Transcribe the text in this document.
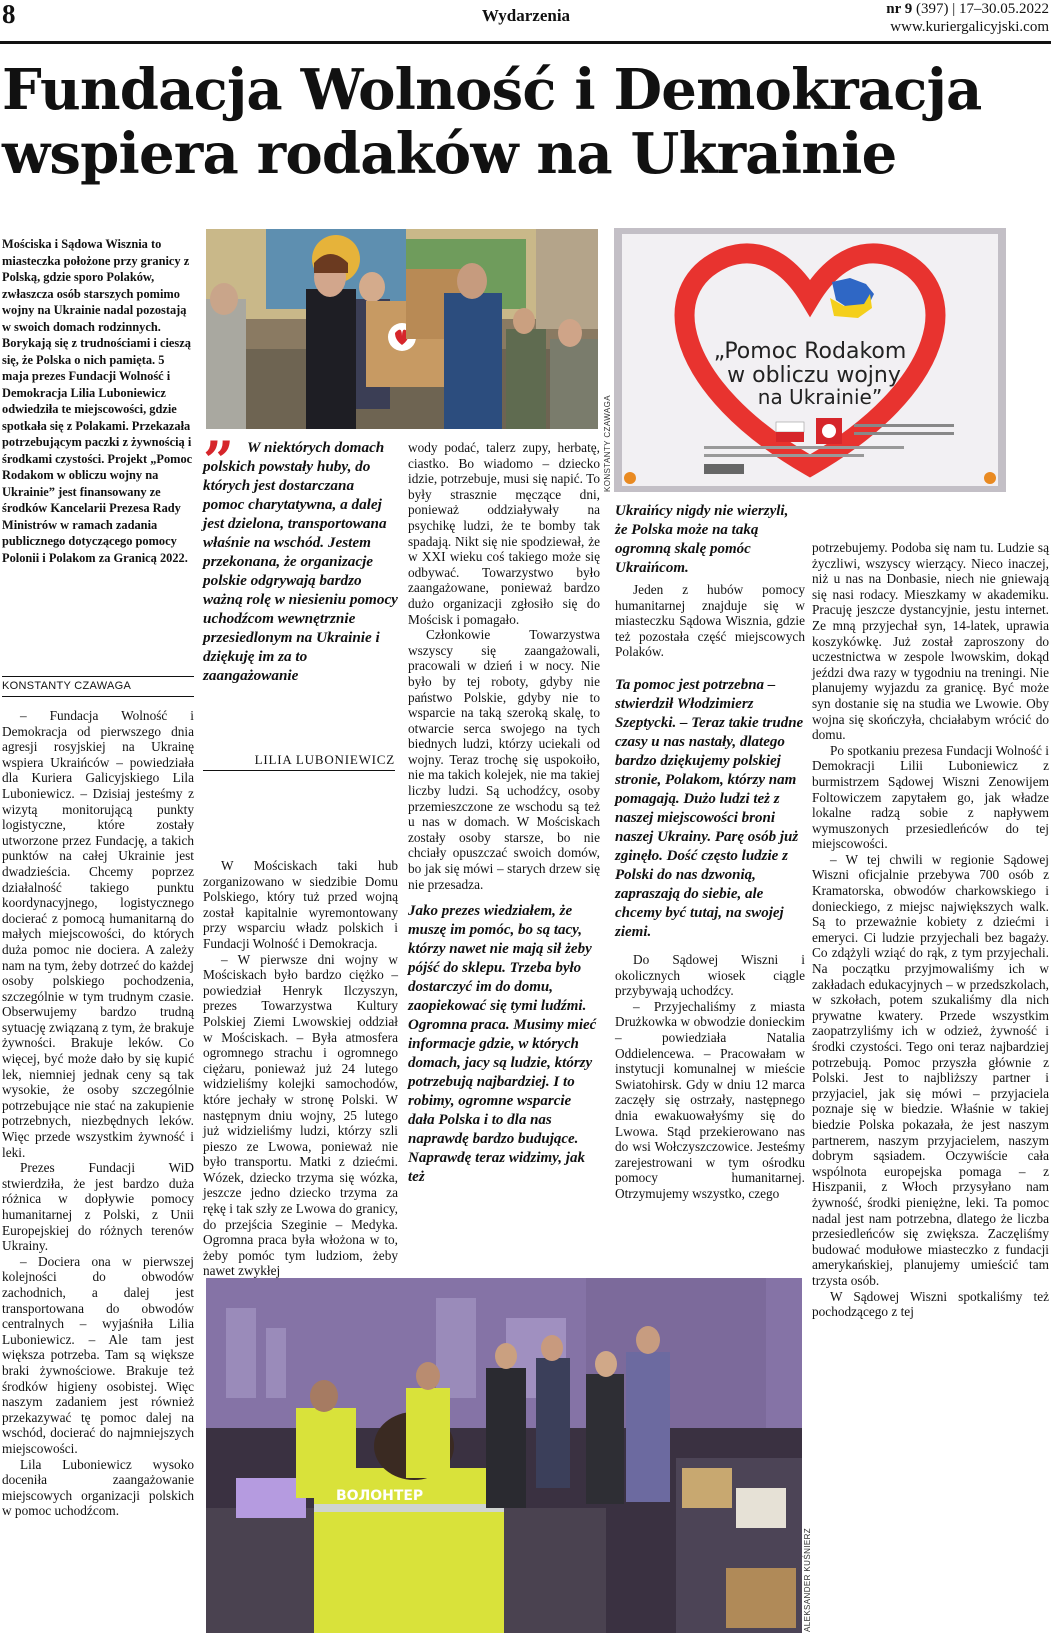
8	Wydarzenia	nr 9 (397) | 17–30.05.2022
www.kuriergalicyjski.com
Fundacja Wolność i Demokracja
wspiera rodaków na Ukrainie
Mościska i Sądowa Wisznia to miasteczka położone przy granicy z Polską, gdzie sporo Polaków, zwłaszcza osób starszych pomimo wojny na Ukrainie nadal pozostają w swoich domach rodzinnych. Borykają się z trudnościami i cieszą się, że Polska o nich pamięta. 5 maja prezes Fundacji Wolność i Demokracja Lilia Luboniewicz odwiedziła te miejscowości, gdzie spotkała się z Polakami. Przekazała potrzebującym paczki z żywnością i środkami czystości. Projekt „Pomoc Rodakom w obliczu wojny na Ukrainie” jest finansowany ze środków Kancelarii Prezesa Rady Ministrów w ramach zadania publicznego dotyczącego pomocy Polonii i Polakom za Granicą 2022.
KONSTANTY CZAWAGA

– Fundacja Wolność i Demokracja od pierwszego dnia agresji rosyjskiej na Ukrainę wspiera Ukraińców – powiedziała dla Kuriera Galicyjskiego Lila Luboniewicz. – Dzisiaj jesteśmy z wizytą monitorującą punkty logistyczne, które zostały utworzone przez Fundację, a takich punktów na całej Ukrainie jest dwadzieścia. Chcemy poprzez działalność takiego punktu koordynacyjnego, logistycznego docierać z pomocą humanitarną do małych miejscowości, do których duża pomoc nie dociera. A zależy nam na tym, żeby dotrzeć do każdej osoby polskiego pochodzenia, szczególnie w tym trudnym czasie. Obserwujemy bardzo trudną sytuację związaną z tym, że brakuje żywności. Brakuje leków. Co więcej, być może dało by się kupić lek, niemniej jednak ceny są tak wysokie, że osoby szczególnie potrzebujące nie stać na zakupienie potrzebnych, niezbędnych leków. Więc przede wszystkim żywność i leki.

Prezes Fundacji WiD stwierdziła, że jest bardzo duża różnica w dopływie pomocy humanitarnej z Polski, z Unii Europejskiej do różnych terenów Ukrainy.

– Dociera ona w pierwszej kolejności do obwodów zachodnich, a dalej jest transportowana do obwodów centralnych – wyjaśniła Lilia Luboniewicz. – Ale tam jest większa potrzeba. Tam są większe braki żywnościowe. Brakuje też środków higieny osobistej. Więc naszym zadaniem jest również przekazywać tę pomoc dalej na wschód, docierać do najmniejszych miejscowości.

Lila Luboniewicz wysoko doceniła zaangażowanie miejscowych organizacji polskich w pomoc uchodźcom.

„Pomoc Rodakom
w obliczu wojny
na Ukrainie”
KONSTANTY CZAWAGA
” W niektórych domach polskich powstały huby, do których jest dostarczana pomoc charytatywna, a dalej jest dzielona, transportowana właśnie na wschód. Jestem przekonana, że organizacje polskie odgrywają bardzo ważną rolę w niesieniu pomocy uchodźcom wewnętrznie przesiedlonym na Ukrainie i dziękuję im za to zaangażowanie
LILIA LUBONIEWICZ

W Mościskach taki hub zorganizowano w siedzibie Domu Polskiego, który tuż przed wojną został kapitalnie wyremontowany przy wsparciu władz polskich i Fundacji Wolność i Demokracja.

– W pierwsze dni wojny w Mościskach było bardzo ciężko – powiedział Henryk Ilczyszyn, prezes Towarzystwa Kultury Polskiej Ziemi Lwowskiej oddział w Mościskach. – Była atmosfera ogromnego strachu i ogromnego ciężaru, ponieważ już 24 lutego widzieliśmy kolejki samochodów, które jechały w stronę Polski. W następnym dniu wojny, 25 lutego już widzieliśmy ludzi, którzy szli pieszo ze Lwowa, ponieważ nie było transportu. Matki z dziećmi. Wózek, dziecko trzyma się wózka, jeszcze jedno dziecko trzyma za rękę i tak szły ze Lwowa do granicy, do przejścia Szeginie – Medyka. Ogromna praca była włożona w to, żeby pomóc tym ludziom, żeby nawet zwykłej

wody podać, talerz zupy, herbatę, ciastko. Bo wiadomo – dziecko idzie, potrzebuje, musi się napić. To były strasznie męczące dni, ponieważ oddziaływały na psychikę ludzi, że te bomby tak spadają. Nikt się nie spodziewał, że w XXI wieku coś takiego może się odbywać. Towarzystwo było zaangażowane, ponieważ bardzo dużo organizacji zgłosiło się do Mościsk i pomagało.

Członkowie Towarzystwa wszyscy się zaangażowali, pracowali w dzień i w nocy. Nie było by tej roboty, gdyby nie państwo Polskie, gdyby nie to wsparcie na taką szeroką skalę, to otwarcie serca swojego na tych biednych ludzi, którzy uciekali od wojny. Teraz trochę się uspokoiło, nie ma takich kolejek, nie ma takiej liczby ludzi. Są uchodźcy, osoby przemieszczone ze wschodu są też u nas w domach. W Mościskach zostały osoby starsze, bo nie chciały opuszczać swoich domów, bo jak się mówi – starych drzew się nie przesadza.

Jako prezes wiedziałem, że muszę im pomóc, bo są tacy, którzy nawet nie mają sił żeby pójść do sklepu. Trzeba było dostarczyć im do domu, zaopiekować się tymi ludźmi. Ogromna praca. Musimy mieć informacje gdzie, w których domach, jacy są ludzie, którzy potrzebują najbardziej. I to robimy, ogromne wsparcie dała Polska i to dla nas naprawdę bardzo budujące. Naprawdę teraz widzimy, jak też

Ukraińcy nigdy nie wierzyli, że Polska może na taką ogromną skalę pomóc Ukraińcom.

Jeden z hubów pomocy humanitarnej znajduje się w miasteczku Sądowa Wisznia, gdzie też pozostała część miejscowych Polaków.

Ta pomoc jest potrzebna – stwierdził Włodzimierz Szeptycki. – Teraz takie trudne czasy u nas nastały, dlatego bardzo dziękujemy polskiej stronie, Polakom, którzy nam pomagają. Dużo ludzi też z naszej miejscowości broni naszej Ukrainy. Parę osób już zginęło. Dość często ludzie z Polski do nas dzwonią, zapraszają do siebie, ale chcemy być tutaj, na swojej ziemi.

Do Sądowej Wiszni i okolicznych wiosek ciągle przybywają uchodźcy.

– Przyjechaliśmy z miasta Drużkowka w obwodzie donieckim – powiedziała Natalia Oddielencewa. – Pracowałam w instytucji komunalnej w mieście Swiatohirsk. Gdy w dniu 12 marca zaczęły się ostrzały, następnego dnia ewakuowałyśmy się do Lwowa. Stąd przekierowano nas do wsi Wołczyszczowice. Jesteśmy zarejestrowani w tym ośrodku pomocy humanitarnej. Otrzymujemy wszystko, czego

potrzebujemy. Podoba się nam tu. Ludzie są życzliwi, wszyscy wierzący. Nieco inaczej, niż u nas na Donbasie, niech nie gniewają się nasi rodacy. Mieszkamy w akademiku. Pracuję jeszcze dystancyjnie, jestu internet. Ze mną przyjechał syn, 14-latek, uprawia koszykówkę. Już został zaproszony do uczestnictwa w zespole lwowskim, dokąd jeździ dwa razy w tygodniu na treningi. Nie planujemy wyjazdu za granicę. Być może syn dostanie się na studia we Lwowie. Oby wojna się skończyła, chciałabym wrócić do domu.

Po spotkaniu prezesa Fundacji Wolność i Demokracji Lilii Luboniewicz z burmistrzem Sądowej Wiszni Zenowijem Foltowiczem zapytałem go, jak władze lokalne radzą sobie z napływem wymuszonych przesiedleńców do tej miejscowości.

– W tej chwili w regionie Sądowej Wiszni oficjalnie przebywa 700 osób z Kramatorska, obwodów charkowskiego i donieckiego, z miejsc największych walk. Są to przeważnie kobiety z dziećmi i emeryci. Ci ludzie przyjechali bez bagaży. Co zdążyli wziąć do rąk, z tym przyjechali. Na początku przyjmowaliśmy ich w zakładach edukacyjnych – w przedszkolach, w szkołach, potem szukaliśmy dla nich prywatne kwatery. Przede wszystkim zaopatrzyliśmy ich w odzież, żywność i środki czystości. Tego oni teraz najbardziej potrzebują. Pomoc przyszła głównie z Polski. Jest to najbliższy partner i przyjaciel, jak się mówi – przyjaciela poznaje się w biedzie. Właśnie w takiej biedzie Polska pokazała, że jest naszym partnerem, naszym przyjacielem, naszym dobrym sąsiadem. Oczywiście cała wspólnota europejska pomaga – z Hiszpanii, z Włoch przysyłano nam żywność, środki pieniężne, leki. Ta pomoc nadal jest nam potrzebna, dlatego że liczba przesiedleńców się zwiększa. Zaczęliśmy budować modułowe miasteczko z fundacji amerykańskiej, planujemy umieścić tam trzysta osób.

W Sądowej Wiszni spotkaliśmy też pochodzącego z tej

ВОЛОНТЕР
ALEKSANDER KUŚNIERZ
